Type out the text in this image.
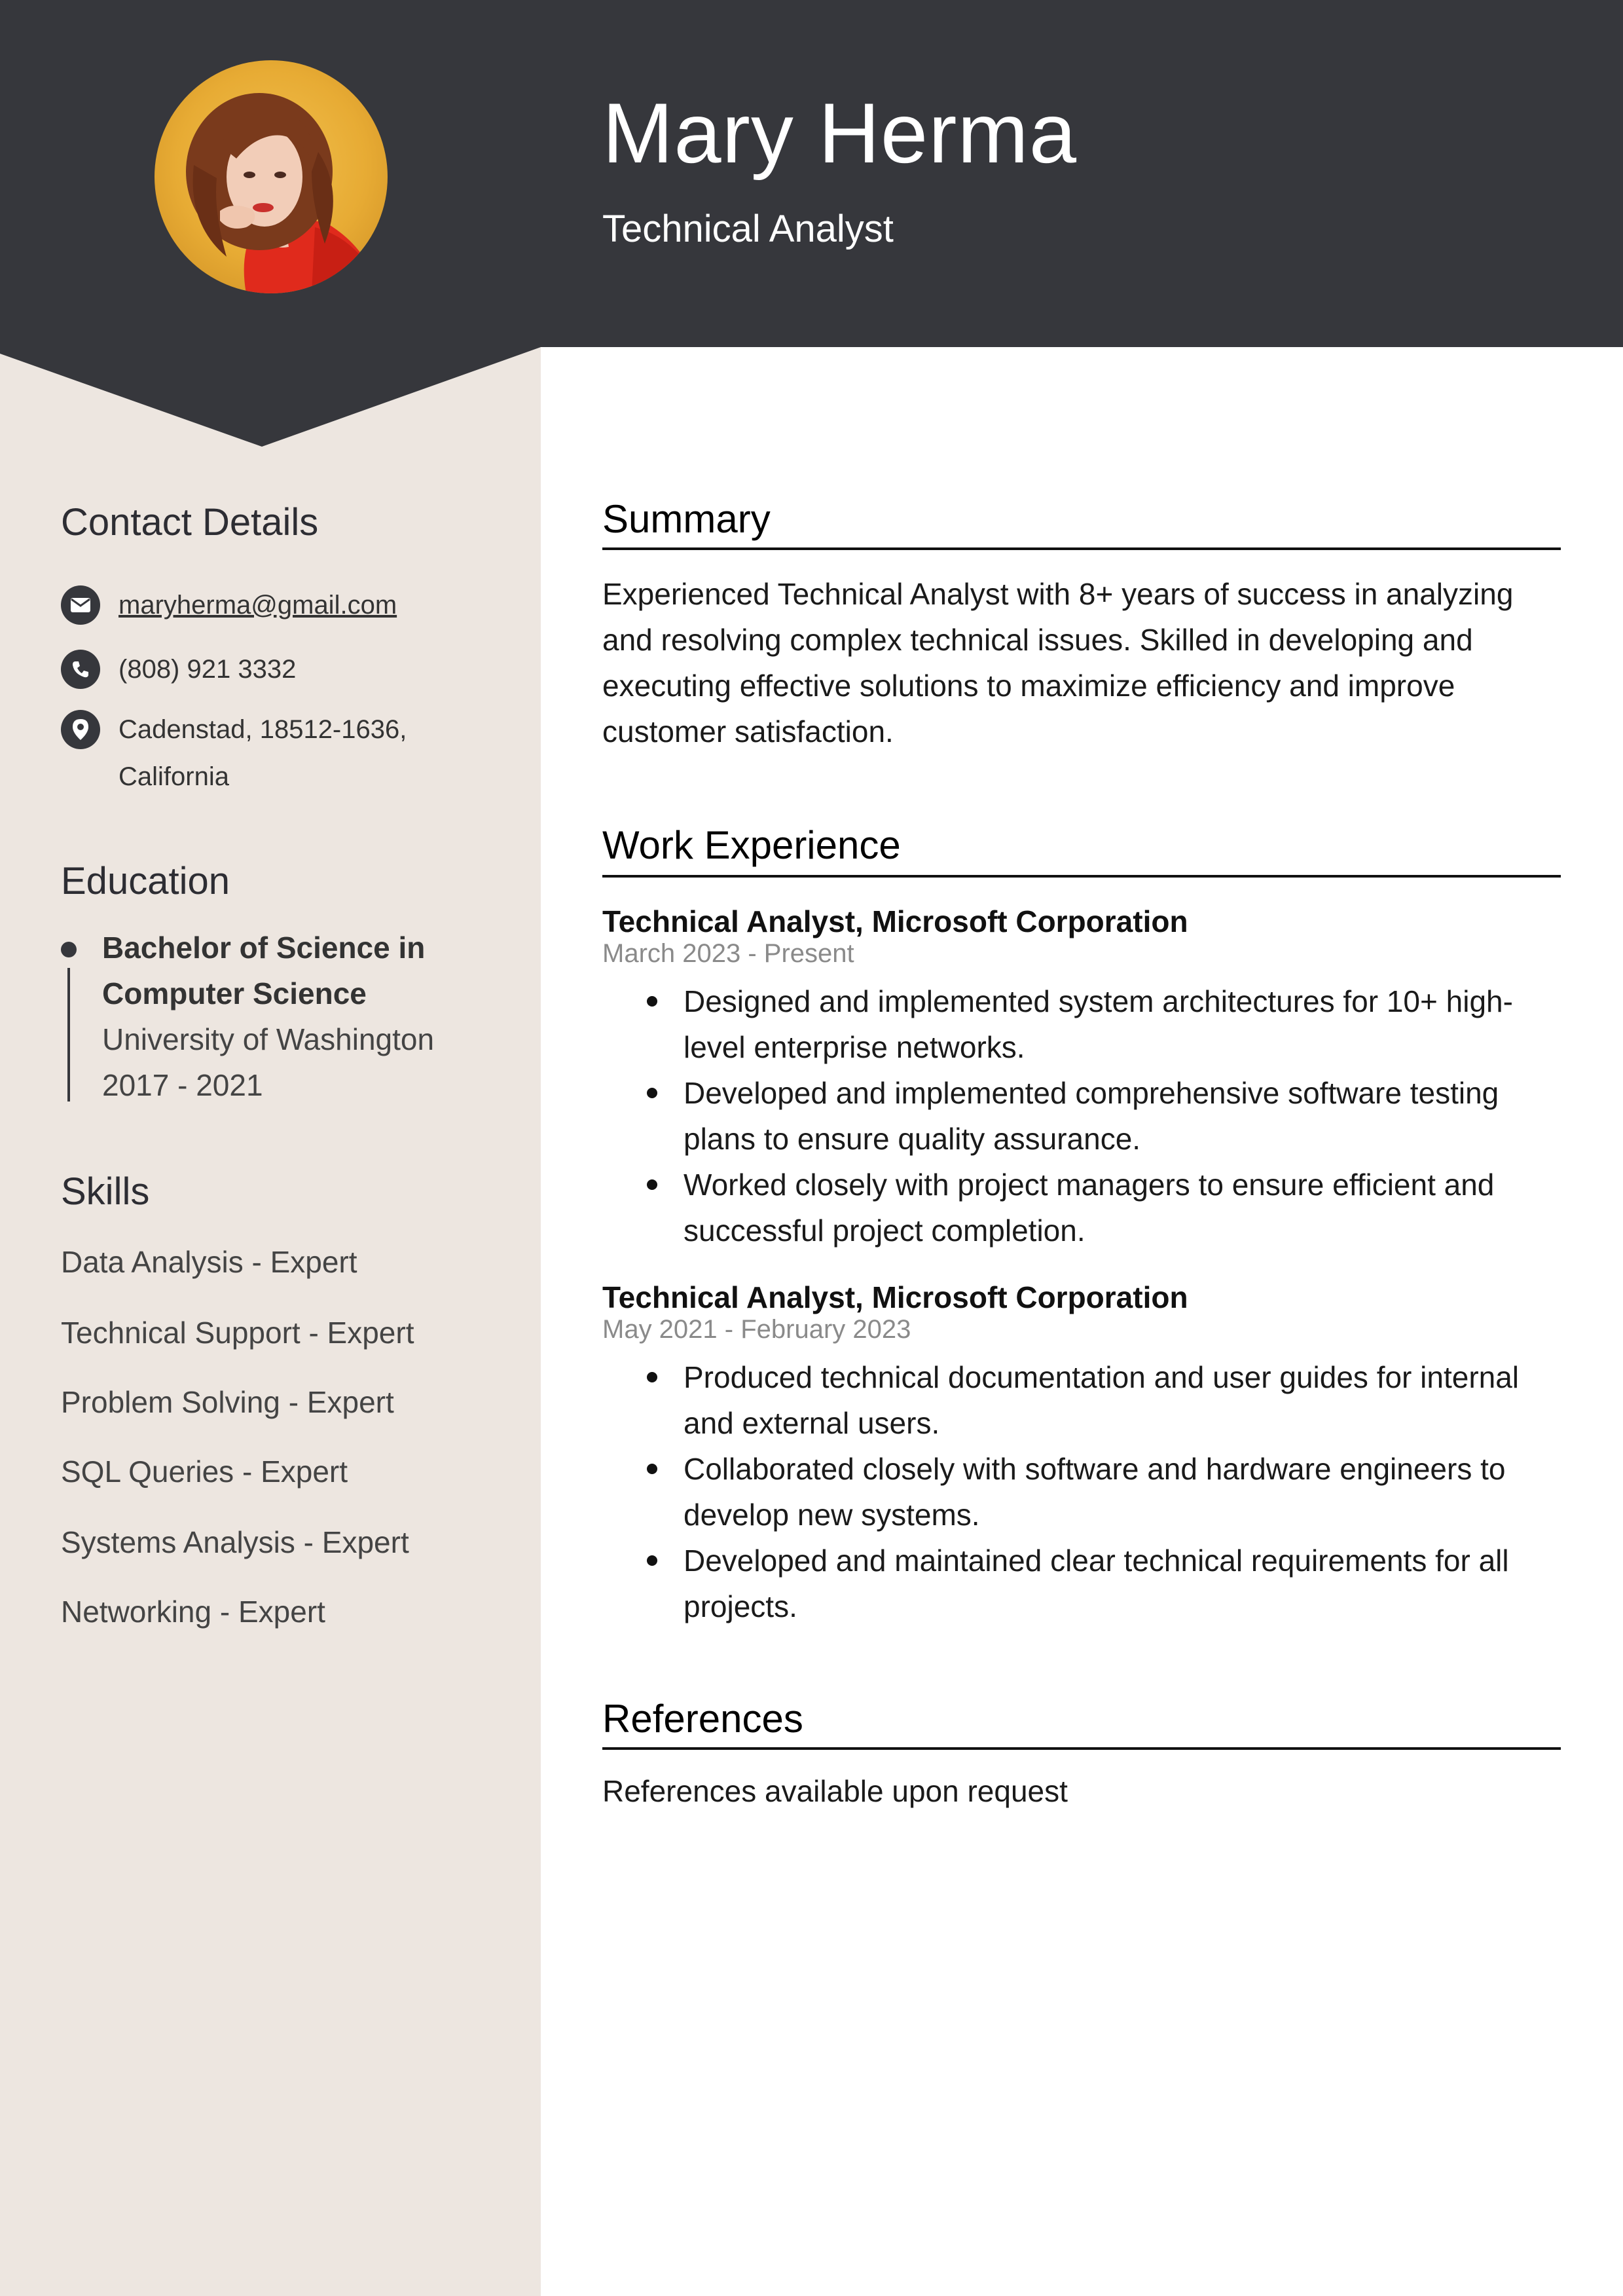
Mary Herma
Technical Analyst
Contact Details
maryherma@gmail.com
(808) 921 3332
Cadenstad, 18512-1636,
California
Education
Bachelor of Science in
Computer Science
University of Washington
2017 - 2021
Skills
Data Analysis - Expert
Technical Support - Expert
Problem Solving - Expert
SQL Queries - Expert
Systems Analysis - Expert
Networking - Expert
Summary
Experienced Technical Analyst with 8+ years of success in analyzing and resolving complex technical issues. Skilled in developing and executing effective solutions to maximize efficiency and improve customer satisfaction.
Work Experience
Technical Analyst, Microsoft Corporation
March 2023 - Present
Designed and implemented system architectures for 10+ high-level enterprise networks.
Developed and implemented comprehensive software testing plans to ensure quality assurance.
Worked closely with project managers to ensure efficient and successful project completion.
Technical Analyst, Microsoft Corporation
May 2021 - February 2023
Produced technical documentation and user guides for internal and external users.
Collaborated closely with software and hardware engineers to develop new systems.
Developed and maintained clear technical requirements for all projects.
References
References available upon request
